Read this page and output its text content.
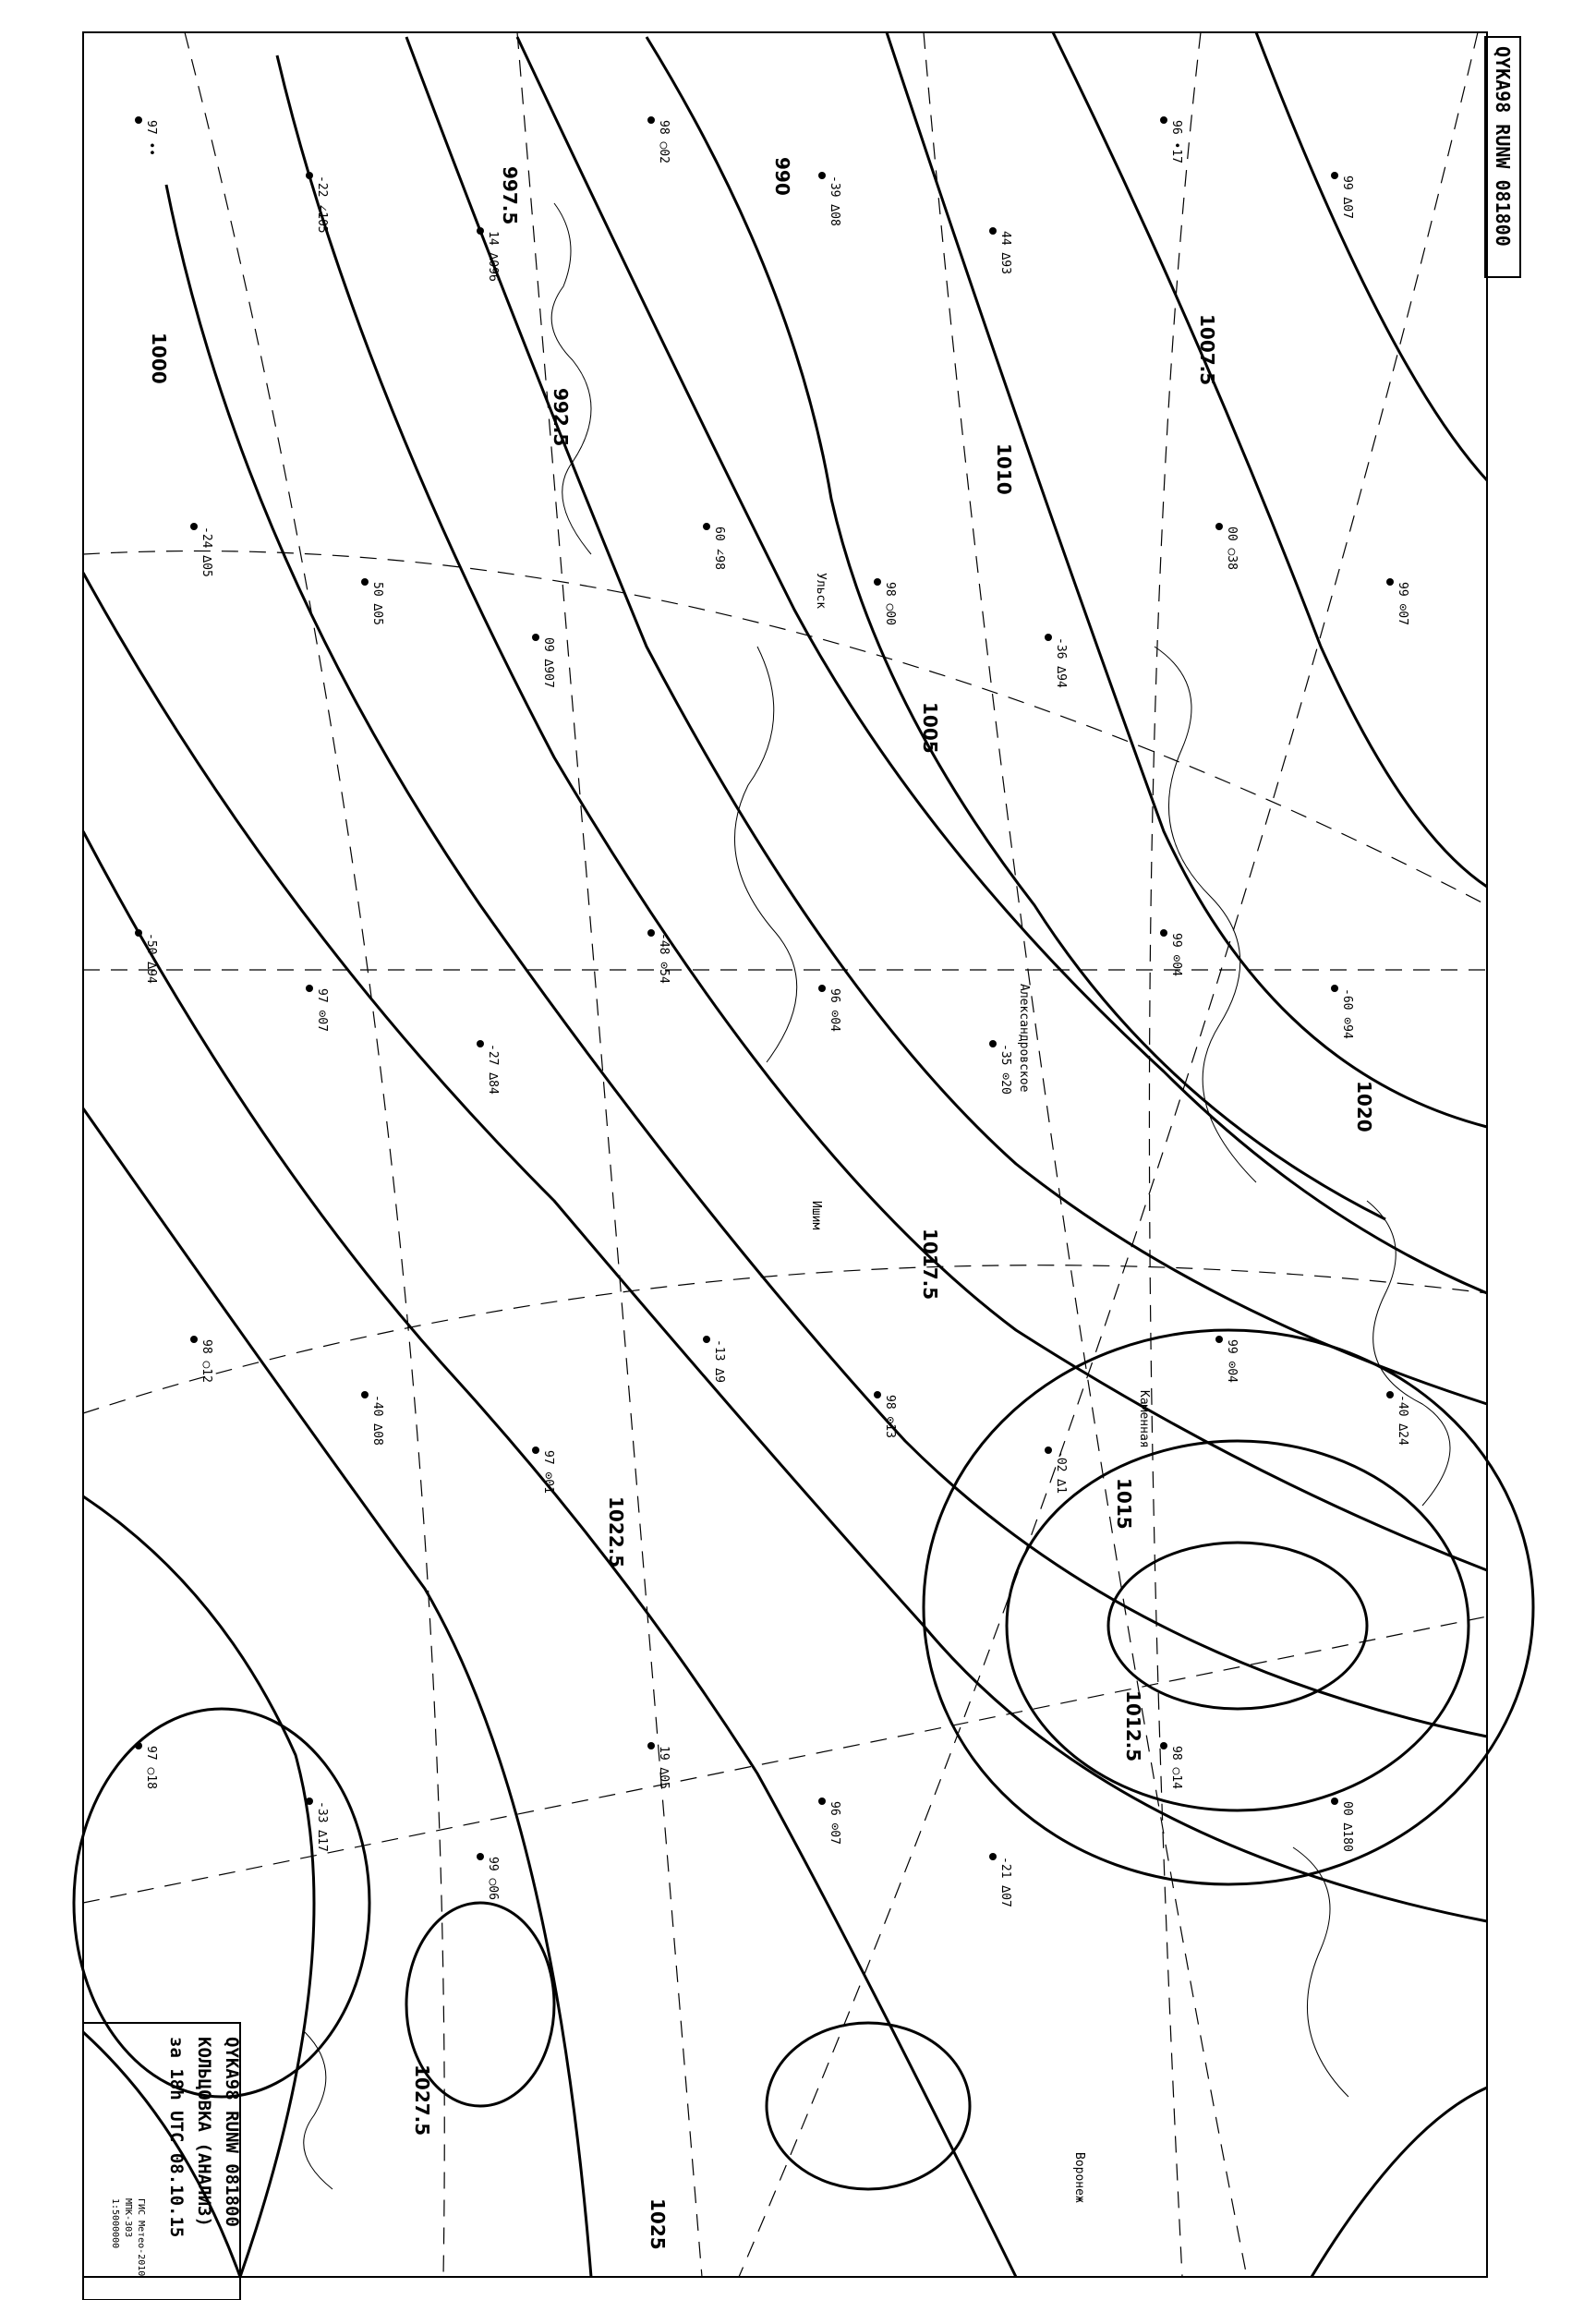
990
992.5
997.5
1000
1005
1007.5
1010
1012.5
1015
1017.5
1020
1022.5
1025
1027.5
Каменная
Александровское
Ишим
Ульск
Воронеж
97 ••
-22 ∠105
14 ∆096
98 ○02
-39 ∆08
44 ∆93
96 •17
99 ∆07
-24 ∆05
50 ∆05
09 ∆907
60 ∠98
98 ○00
-36 ∆94
00 ○38
99 ⊙07
-50 ∆94
97 ⊙07
-27 ∆84
-48 ⊙54
96 ⊙04
-35 ⊙20
99 ⊙04
-60 ⊙94
98 ○12
-40 ∆08
97 ⊙01
-13 ∆9
98 ⊙13
-02 ∆1
99 ⊙04
-40 ∆24
97 ○18
-33 ∆17
99 ○06
19 ∆05
96 ⊙07
-21 ∆07
98 ○14
00 ∆180
QYKA98 RUNW 081800
QYKA98 RUNW 081800
КОЛЬЦОВКА (АНАЛИЗ)
за 18h UTC 08.10.15
ГИС Метео-2010
МПК-303
1:5000000
